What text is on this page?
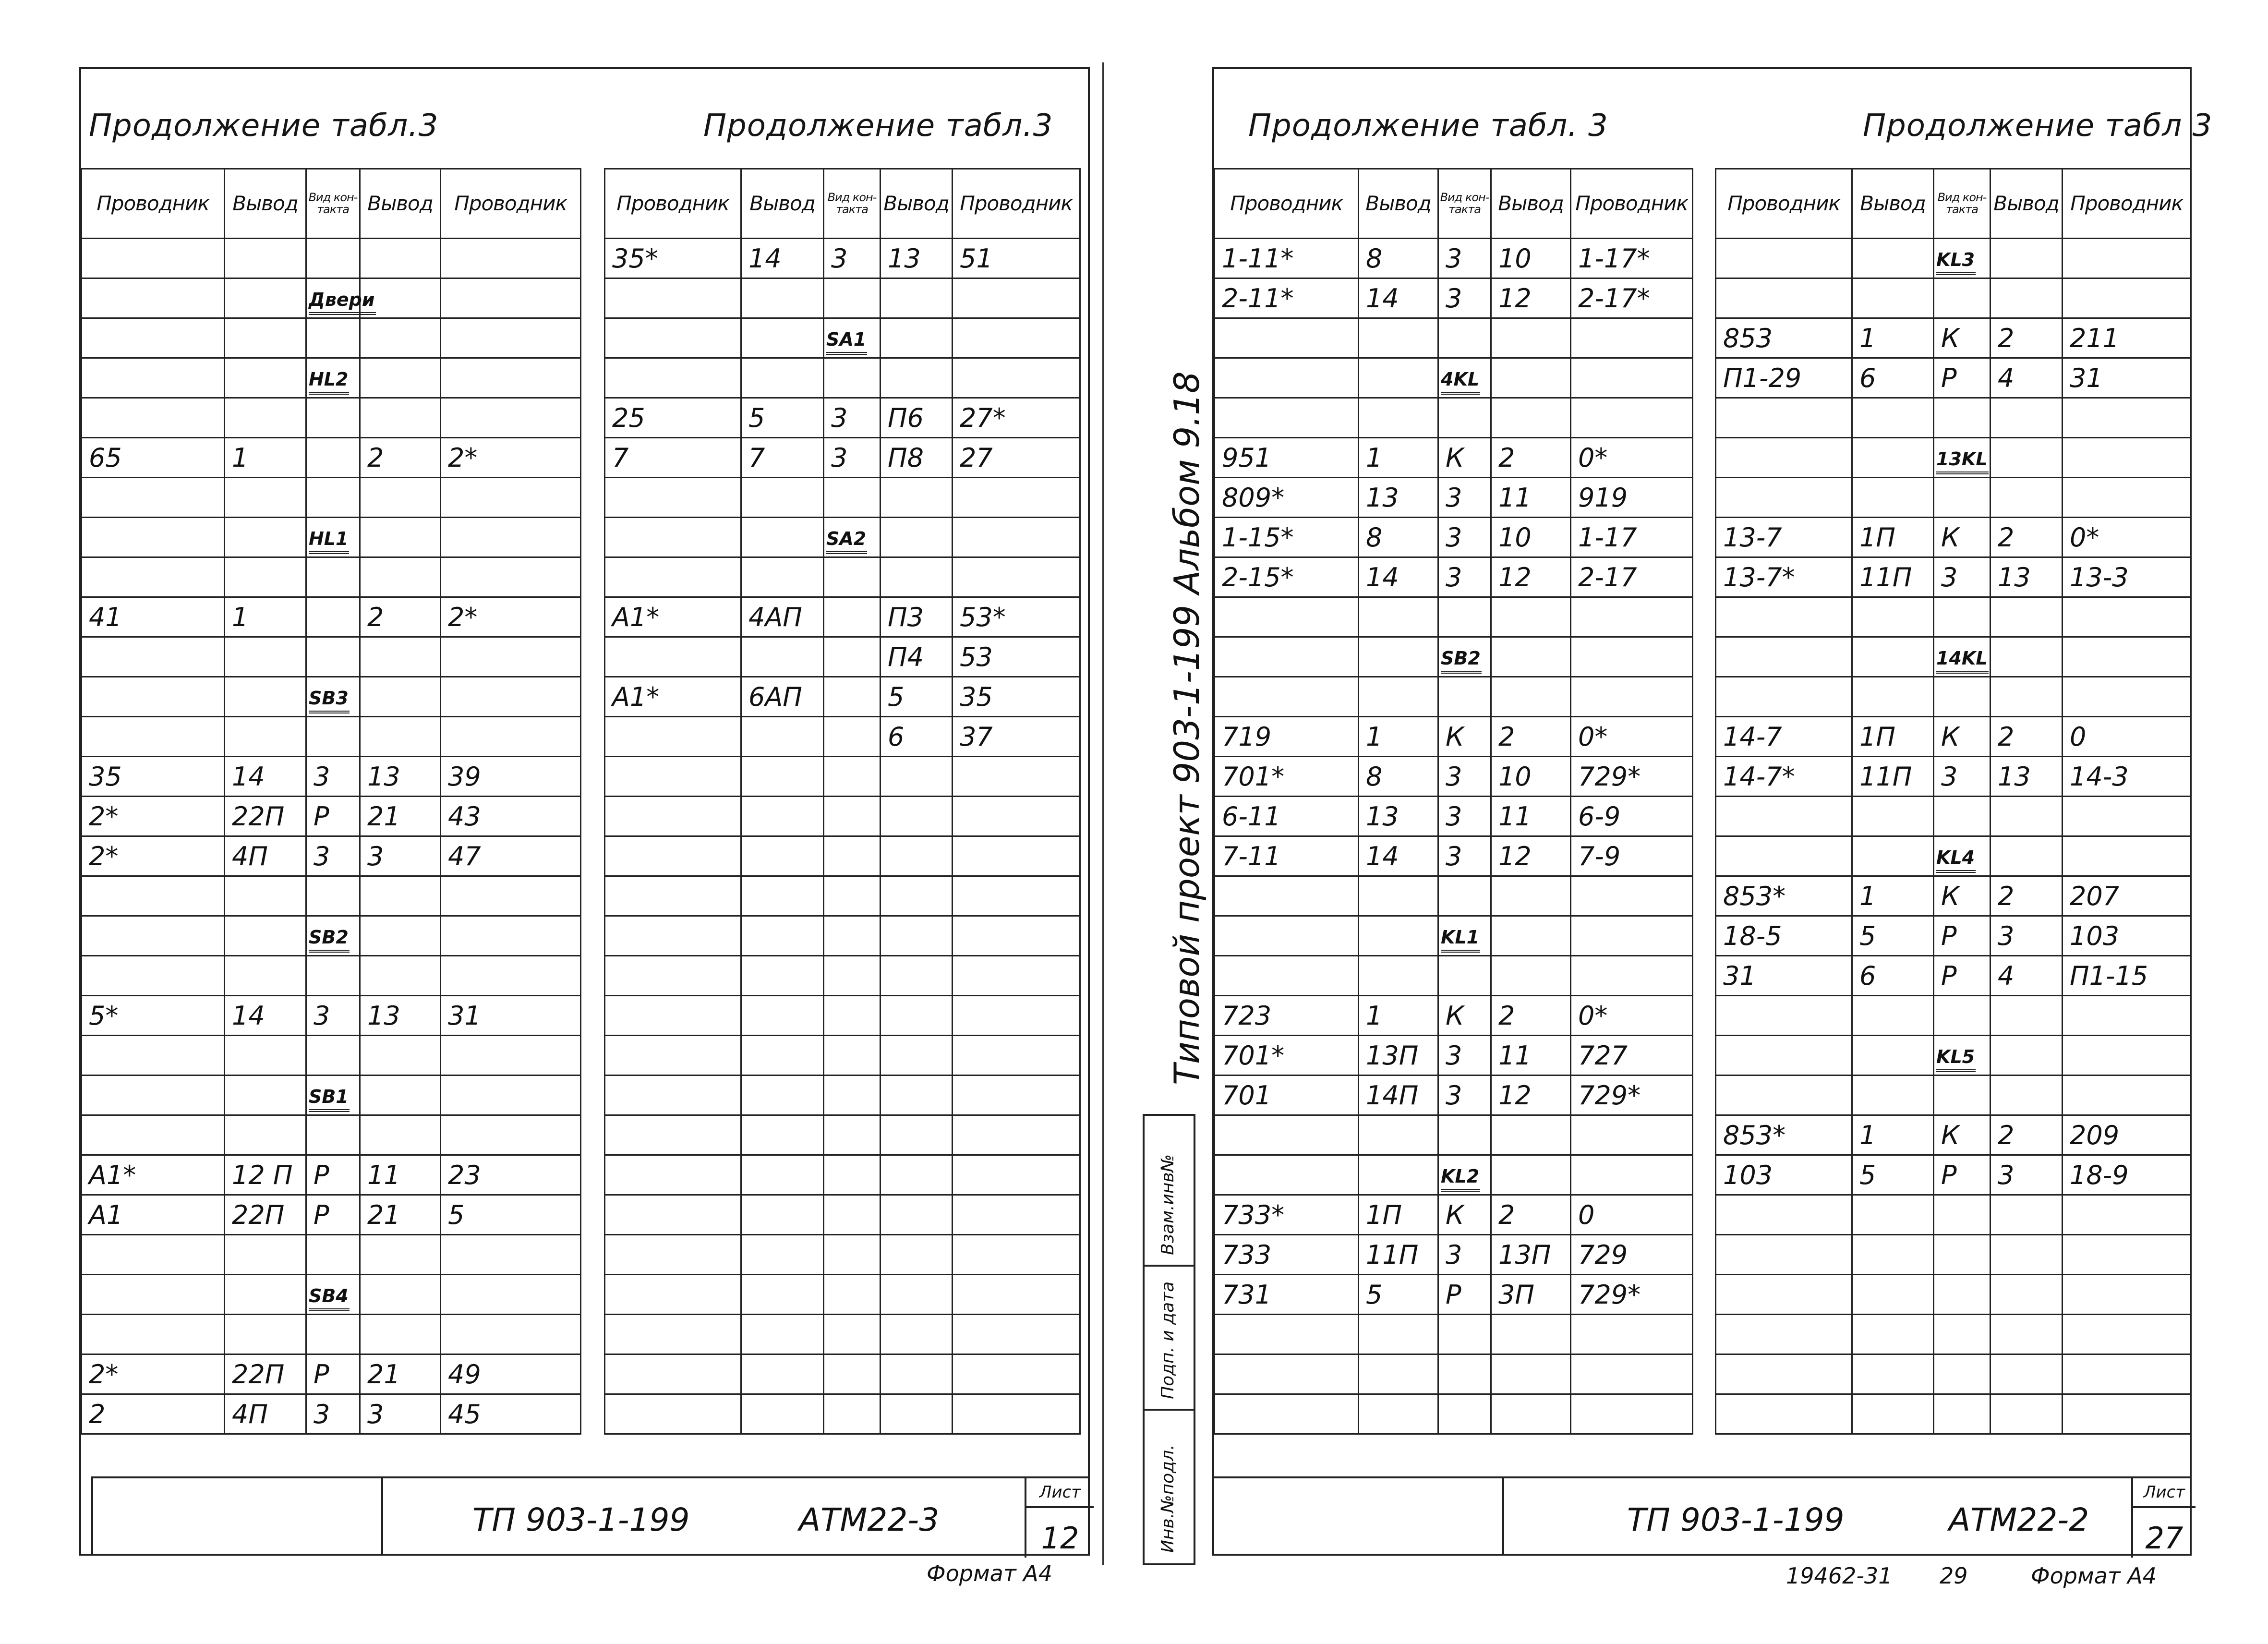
Продолжение табл.3	Продолжение табл.3
Проводник	Вывод	Вид кон-такта	Вывод	Проводник

		Двери		

		HL2		

65	1		2	2*

		HL1		

41	1		2	2*

		SB3		

35	14	3	13	39
2*	22П	Р	21	43
2*	4П	3	3	47

		SB2		

5*	14	3	13	31

		SB1		

А1*	12 П	Р	11	23
А1	22П	Р	21	5

		SB4		

2*	22П	Р	21	49
2	4П	3	3	45
Проводник	Вывод	Вид кон-такта	Вывод	Проводник
35*	14	3	13	51

		SA1		

25	5	3	П6	27*
7	7	3	П8	27

		SA2		

А1*	4АП		П3	53*
			П4	53
А1*	6АП		5	35
			6	37

ТП 903-1-199	АТМ22-3
Лист
12
Формат А4
Типовой проект 903-1-199 Альбом 9.18
Взам.инв№
Подп. и дата
Инв.№подл.
Продолжение табл. 3	Продолжение табл 3
Проводник	Вывод	Вид кон-такта	Вывод	Проводник
1-11*	8	3	10	1-17*
2-11*	14	3	12	2-17*

		4KL		

951	1	К	2	0*
809*	13	3	11	919
1-15*	8	3	10	1-17
2-15*	14	3	12	2-17

		SB2		

719	1	К	2	0*
701*	8	3	10	729*
6-11	13	3	11	6-9
7-11	14	3	12	7-9

		KL1		

723	1	К	2	0*
701*	13П	3	11	727
701	14П	3	12	729*

		KL2		
733*	1П	К	2	0
733	11П	3	13П	729
731	5	Р	3П	729*

Проводник	Вывод	Вид кон-такта	Вывод	Проводник
		KL3		

853	1	К	2	211
П1-29	6	Р	4	31

		13KL		

13-7	1П	К	2	0*
13-7*	11П	3	13	13-3

		14KL		

14-7	1П	К	2	0
14-7*	11П	3	13	14-3

		KL4		
853*	1	К	2	207
18-5	5	Р	3	103
31	6	Р	4	П1-15

		KL5		

853*	1	К	2	209
103	5	Р	3	18-9

ТП 903-1-199	АТМ22-2
Лист
27
19462-31 29	Формат А4
